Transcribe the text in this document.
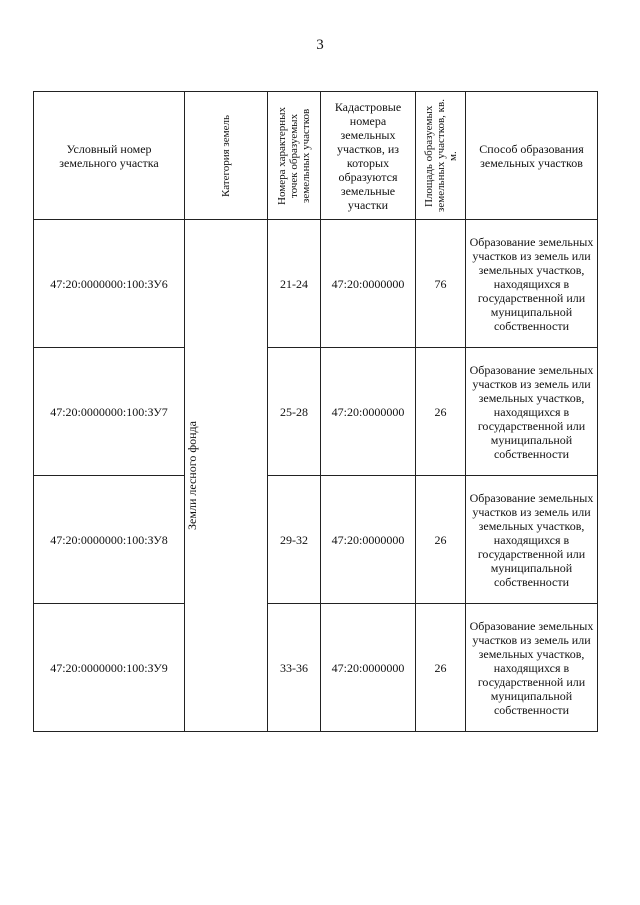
3
Условный номер земельного участка	Категория земель	Номера характерных точек образуемых земельных участков	Кадастровые номера земельных участков, из которых образуются земельные участки	Площадь образуемых земельных участков, кв. м.	Способ образования земельных участков

47:20:0000000:100:ЗУ6	Земли лесного фонда	21-24	47:20:0000000	76	Образование земельных участков из земель или земельных участков, находящихся в государственной или муниципальной собственности
47:20:0000000:100:ЗУ7		25-28	47:20:0000000	26	Образование земельных участков из земель или земельных участков, находящихся в государственной или муниципальной собственности
47:20:0000000:100:ЗУ8		29-32	47:20:0000000	26	Образование земельных участков из земель или земельных участков, находящихся в государственной или муниципальной собственности
47:20:0000000:100:ЗУ9		33-36	47:20:0000000	26	Образование земельных участков из земель или земельных участков, находящихся в государственной или муниципальной собственности
